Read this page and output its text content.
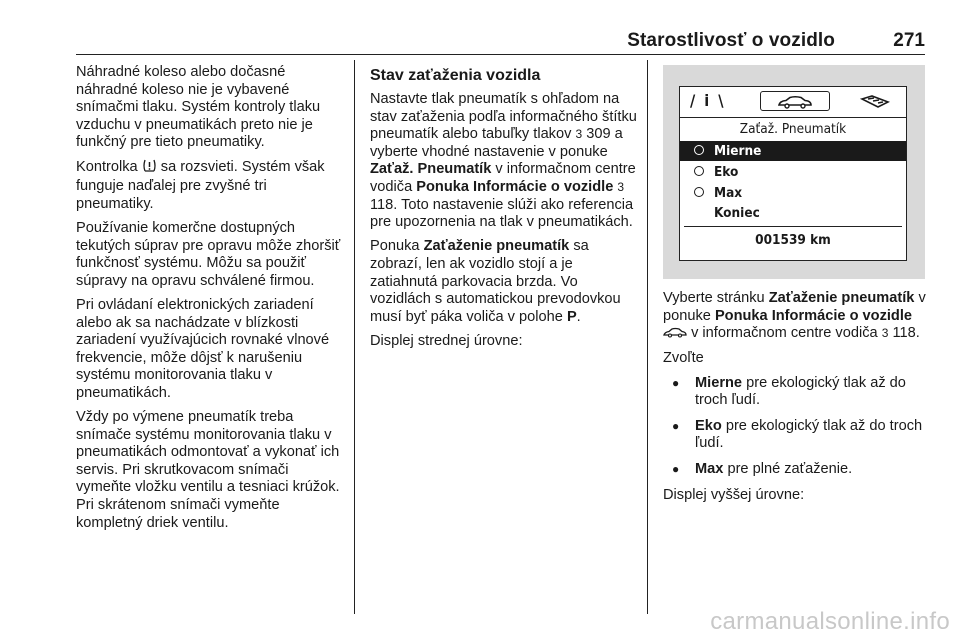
Starostlivosť o vozidlo	271

Náhradné koleso alebo dočasné náhradné koleso nie je vybavené snímačmi tlaku. Systém kontroly tlaku vzduchu v pneumatikách preto nie je funkčný pre tieto pneumatiky.

Kontrolka sa rozsvieti. Systém však funguje naďalej pre zvyšné tri pneumatiky.

Používanie komerčne dostupných tekutých súprav pre opravu môže zhoršiť funkčnosť systému. Môžu sa použiť súpravy na opravu schválené firmou.

Pri ovládaní elektronických zariadení alebo ak sa nachádzate v blízkosti zariadení využívajúcich rovnaké vlnové frekvencie, môže dôjsť k narušeniu systému monitorovania tlaku v pneumatikách.

Vždy po výmene pneumatík treba snímače systému monitorovania tlaku v pneumatikách odmontovať a vykonať ich servis. Pri skrutkovacom snímači vymeňte vložku ventilu a tesniaci krúžok. Pri skrátenom snímači vymeňte kompletný driek ventilu.

Stav zaťaženia vozidla

Nastavte tlak pneumatík s ohľadom na stav zaťaženia podľa informačného štítku pneumatík alebo tabuľky tlakov 3 309 a vyberte vhodné nastavenie v ponuke Zaťaž. Pneumatík v informačnom centre vodiča Ponuka Informácie o vozidle 3 118. Toto nastavenie slúži ako referencia pre upozornenia na tlak v pneumatikách.

Ponuka Zaťaženie pneumatík sa zobrazí, len ak vozidlo stojí a je zatiahnutá parkovacia brzda. Vo vozidlách s automatickou prevodovkou musí byť páka voliča v polohe P.

Displej strednej úrovne:

/ i \
Zaťaž. Pneumatík
Mierne
Eko
Max
Koniec
001539 km

Vyberte stránku Zaťaženie pneumatík v ponuke Ponuka Informácie o vozidle  v informačnom centre vodiča 3 118.

Zvoľte

● Mierne pre ekologický tlak až do troch ľudí.
● Eko pre ekologický tlak až do troch ľudí.
● Max pre plné zaťaženie.

Displej vyššej úrovne:

carmanualsonline.info
